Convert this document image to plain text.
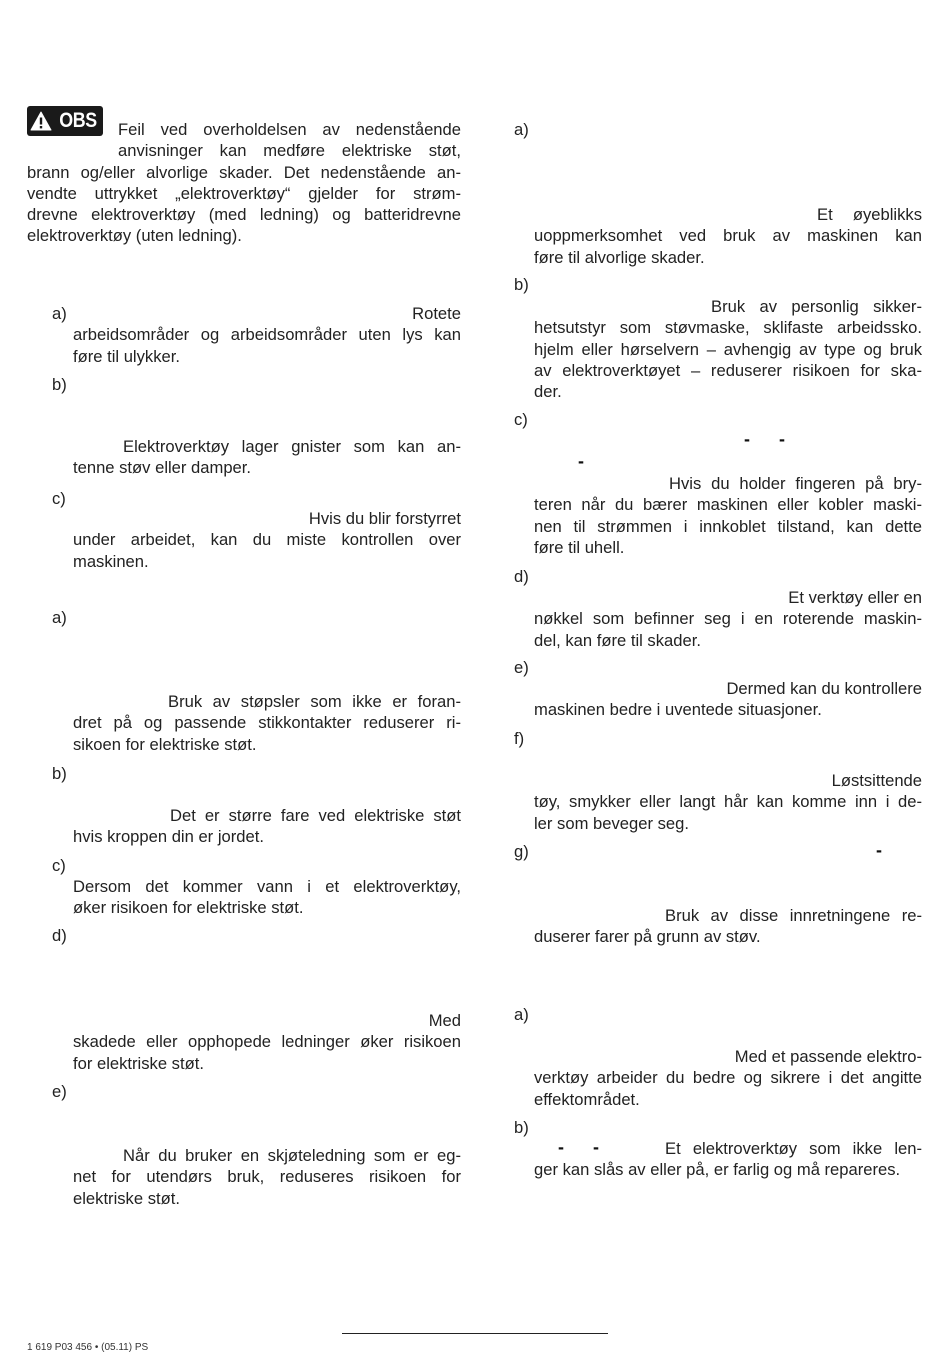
OBS	Feil ved overholdelsen av nedenstående
anvisninger kan medføre elektriske støt,
brann og/eller alvorlige skader. Det nedenstående an-
vendte uttrykket „elektroverktøy“ gjelder for strøm-
drevne elektroverktøy (med ledning) og batteridrevne
elektroverktøy (uten ledning).
a)	Rotete
arbeidsområder og arbeidsområder uten lys kan
føre til ulykker.
b)
Elektroverktøy lager gnister som kan an-
tenne støv eller damper.
c)
Hvis du blir forstyrret
under arbeidet, kan du miste kontrollen over
maskinen.
a)
Bruk av støpsler som ikke er foran-
dret på og passende stikkontakter reduserer ri-
sikoen for elektriske støt.
b)
Det er større fare ved elektriske støt
hvis kroppen din er jordet.
c)
Dersom det kommer vann i et elektroverktøy,
øker risikoen for elektriske støt.
d)
Med
skadede eller opphopede ledninger øker risikoen
for elektriske støt.
e)
Når du bruker en skjøteledning som er eg-
net for utendørs bruk, reduseres risikoen for
elektriske støt.
a)
Et øyeblikks
uoppmerksomhet ved bruk av maskinen kan
føre til alvorlige skader.
b)
Bruk av personlig sikker-
hetsutstyr som støvmaske, sklifaste arbeidssko.
hjelm eller hørselvern – avhengig av type og bruk
av elektroverktøyet – reduserer risikoen for ska-
der.
c)
- -
-
Hvis du holder fingeren på bry-
teren når du bærer maskinen eller kobler maski-
nen til strømmen i innkoblet tilstand, kan dette
føre til uhell.
d)
Et verktøy eller en
nøkkel som befinner seg i en roterende maskin-
del, kan føre til skader.
e)
Dermed kan du kontrollere
maskinen bedre i uventede situasjoner.
f)
Løstsittende
tøy, smykker eller langt hår kan komme inn i de-
ler som beveger seg.
g)	-
Bruk av disse innretningene re-
duserer farer på grunn av støv.
a)
Med et passende elektro-
verktøy arbeider du bedre og sikrere i det angitte
effektområdet.
b)
- -	Et elektroverktøy som ikke len-
ger kan slås av eller på, er farlig og må repareres.
1 619 P03 456 • (05.11) PS
